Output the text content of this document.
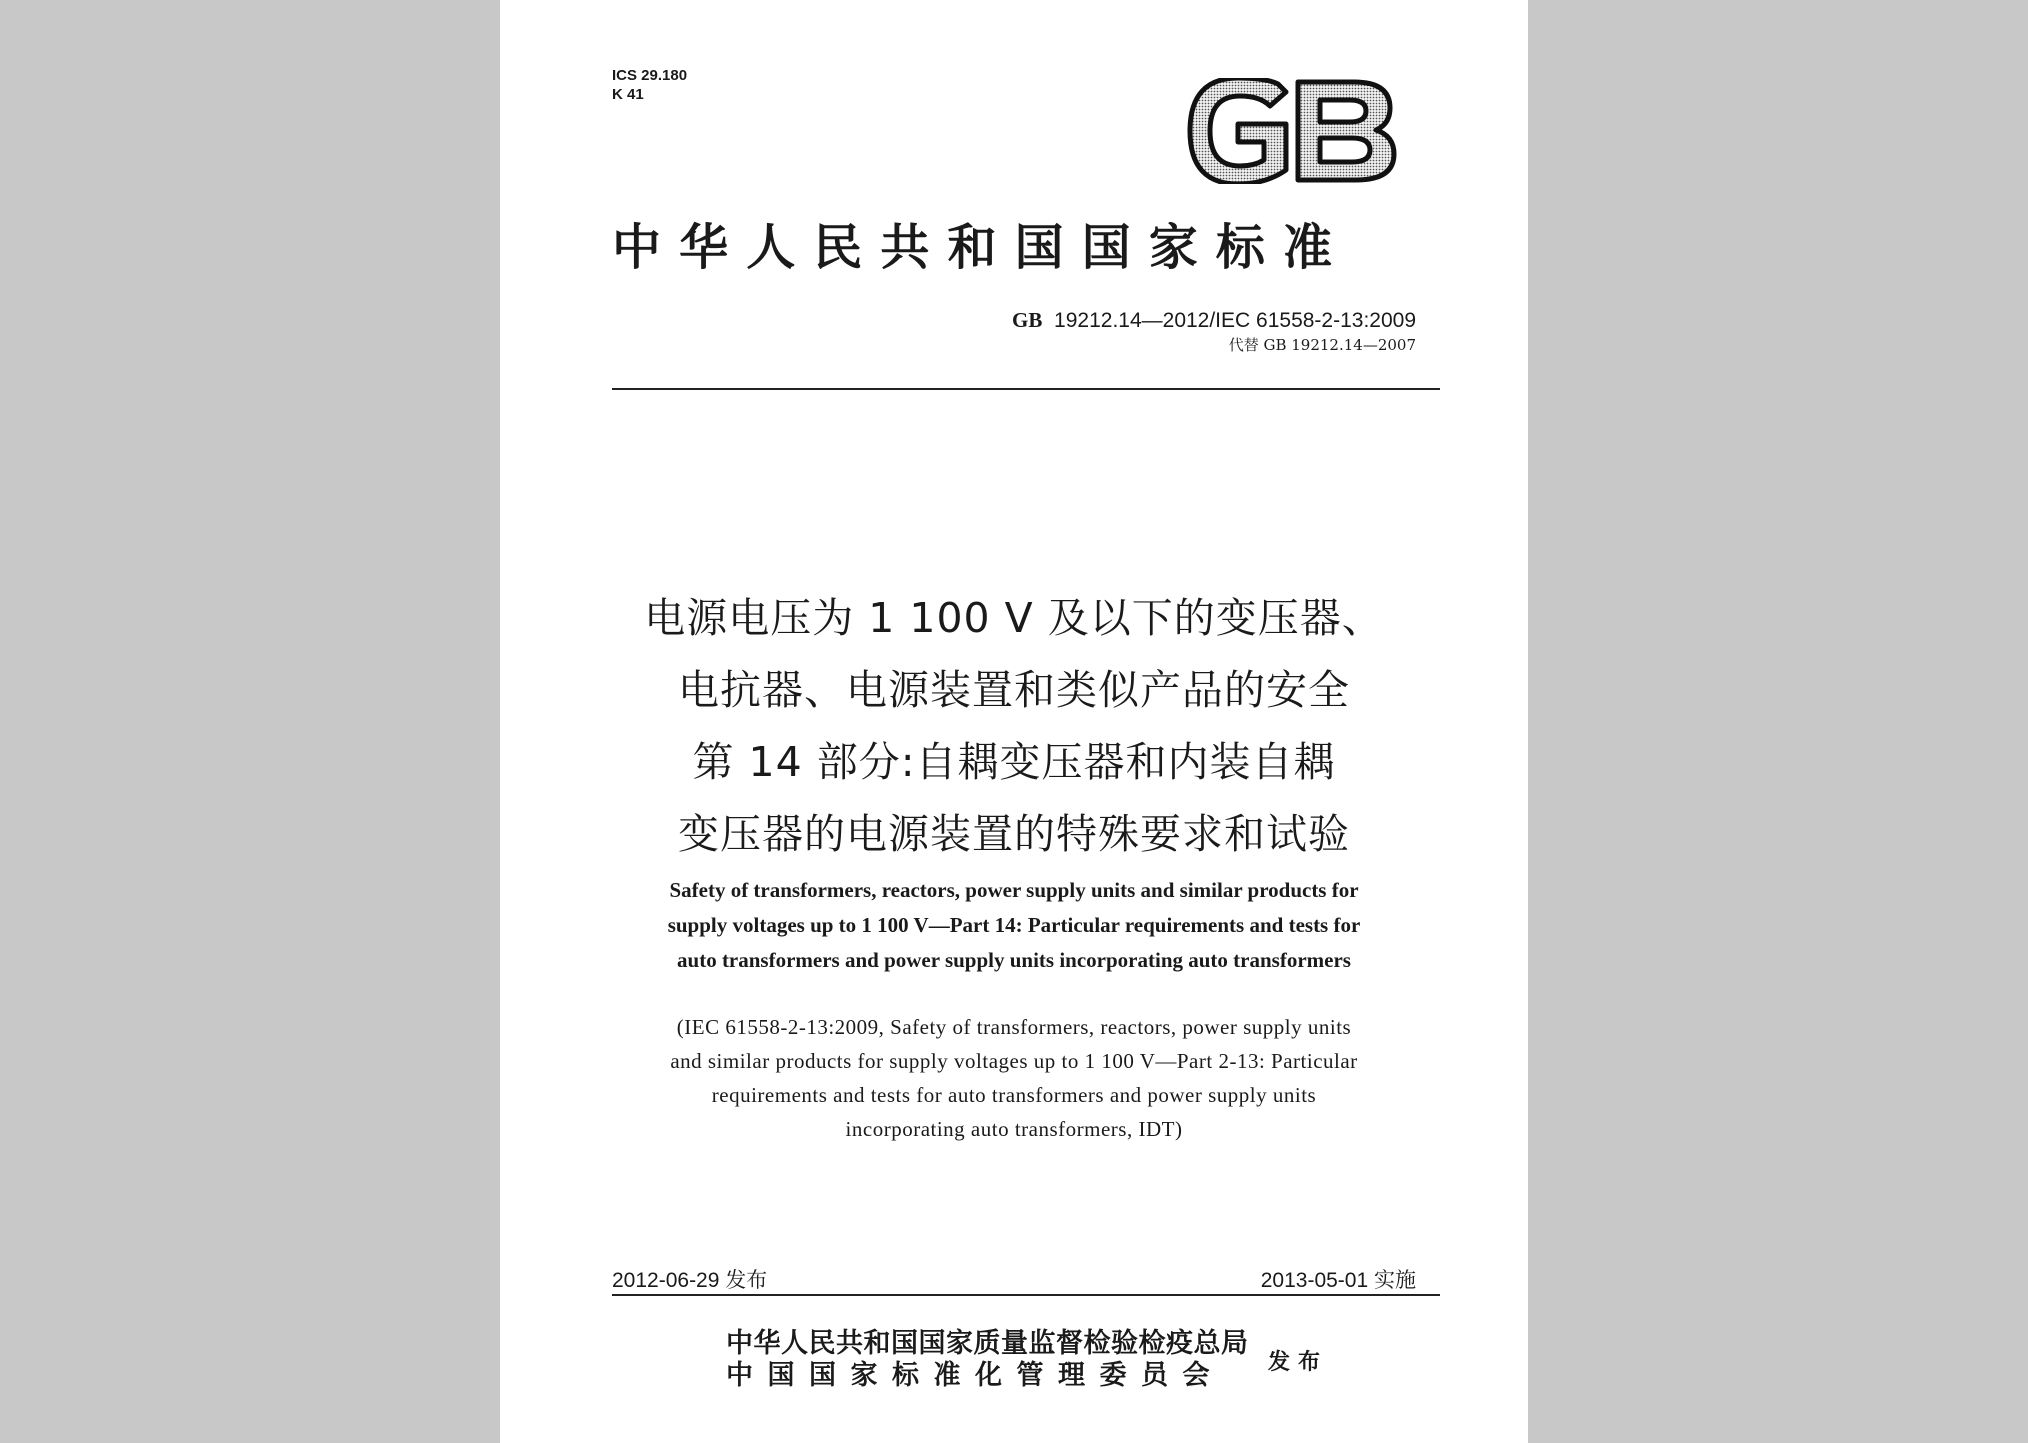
ICS 29.180
K 41
中华人民共和国国家标准
GB 19212.14—2012/IEC 61558-2-13:2009
代替 GB 19212.14—2007
电源电压为 1 100 V 及以下的变压器、
电抗器、电源装置和类似产品的安全
第 14 部分:自耦变压器和内装自耦
变压器的电源装置的特殊要求和试验
Safety of transformers, reactors, power supply units and similar products for
supply voltages up to 1 100 V—Part 14: Particular requirements and tests for
auto transformers and power supply units incorporating auto transformers
(IEC 61558-2-13:2009, Safety of transformers, reactors, power supply units
and similar products for supply voltages up to 1 100 V—Part 2-13: Particular
requirements and tests for auto transformers and power supply units
incorporating auto transformers, IDT)
2012-06-29 发布	2013-05-01 实施
中华人民共和国国家质量监督检验检疫总局
中国国家标准化管理委员会	发布
